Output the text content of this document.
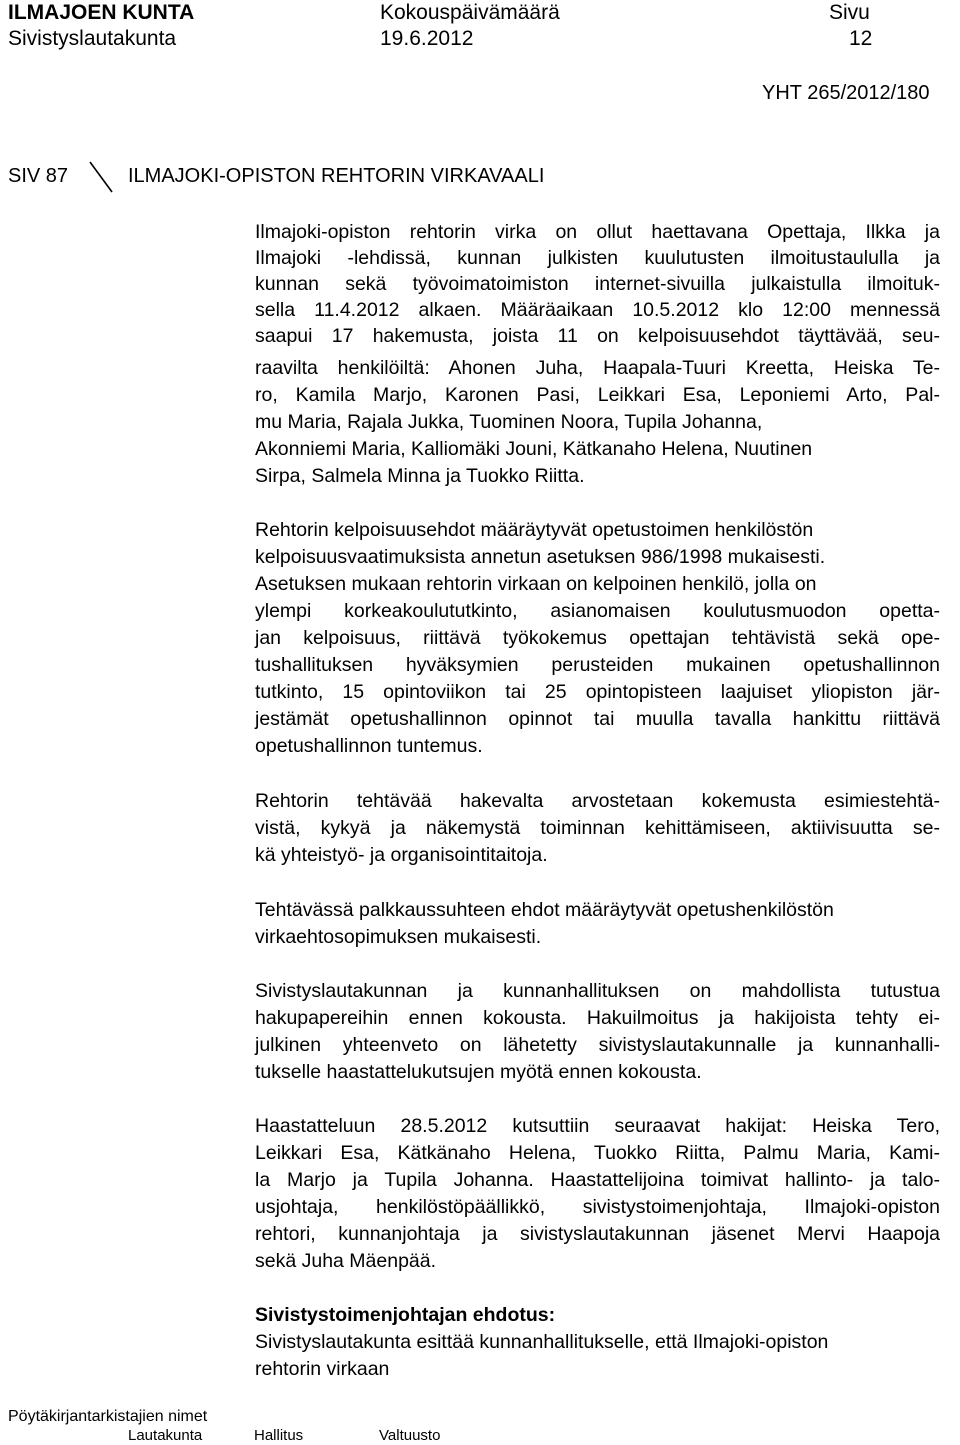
ILMAJOEN KUNTA
Sivistyslautakunta
Kokouspäivämäärä
19.6.2012
Sivu
12
YHT 265/2012/180
SIV 87	ILMAJOKI-OPISTON REHTORIN VIRKAVAALI
Ilmajoki-opiston rehtorin virka on ollut haettavana Opettaja, Ilkka ja
Ilmajoki -lehdissä, kunnan julkisten kuulutusten ilmoitustaululla ja
kunnan sekä työvoimatoimiston internet-sivuilla julkaistulla ilmoituk-
sella 11.4.2012 alkaen. Määräaikaan 10.5.2012 klo 12:00 mennessä
saapui 17 hakemusta, joista 11 on kelpoisuusehdot täyttävää, seu-
raavilta henkilöiltä: Ahonen Juha, Haapala-Tuuri Kreetta, Heiska Te-
ro, Kamila Marjo, Karonen Pasi, Leikkari Esa, Leponiemi Arto, Pal-
mu Maria, Rajala Jukka, Tuominen Noora, Tupila Johanna,
Akonniemi Maria, Kalliomäki Jouni, Kätkanaho Helena, Nuutinen
Sirpa, Salmela Minna ja Tuokko Riitta.
Rehtorin kelpoisuusehdot määräytyvät opetustoimen henkilöstön
kelpoisuusvaatimuksista annetun asetuksen 986/1998 mukaisesti.
Asetuksen mukaan rehtorin virkaan on kelpoinen henkilö, jolla on
ylempi korkeakoulututkinto, asianomaisen koulutusmuodon opetta-
jan kelpoisuus, riittävä työkokemus opettajan tehtävistä sekä ope-
tushallituksen hyväksymien perusteiden mukainen opetushallinnon
tutkinto, 15 opintoviikon tai 25 opintopisteen laajuiset yliopiston jär-
jestämät opetushallinnon opinnot tai muulla tavalla hankittu riittävä
opetushallinnon tuntemus.
Rehtorin tehtävää hakevalta arvostetaan kokemusta esimiestehtä-
vistä, kykyä ja näkemystä toiminnan kehittämiseen, aktiivisuutta se-
kä yhteistyö- ja organisointitaitoja.
Tehtävässä palkkaussuhteen ehdot määräytyvät opetushenkilöstön
virkaehtosopimuksen mukaisesti.
Sivistyslautakunnan ja kunnanhallituksen on mahdollista tutustua
hakupapereihin ennen kokousta. Hakuilmoitus ja hakijoista tehty ei-
julkinen yhteenveto on lähetetty sivistyslautakunnalle ja kunnanhalli-
tukselle haastattelukutsujen myötä ennen kokousta.
Haastatteluun 28.5.2012 kutsuttiin seuraavat hakijat: Heiska Tero,
Leikkari Esa, Kätkänaho Helena, Tuokko Riitta, Palmu Maria, Kami-
la Marjo ja Tupila Johanna. Haastattelijoina toimivat hallinto- ja talo-
usjohtaja, henkilöstöpäällikkö, sivistystoimenjohtaja, Ilmajoki-opiston
rehtori, kunnanjohtaja ja sivistyslautakunnan jäsenet Mervi Haapoja
sekä Juha Mäenpää.
Sivistystoimenjohtajan ehdotus:
Sivistyslautakunta esittää kunnanhallitukselle, että Ilmajoki-opiston
rehtorin virkaan
Pöytäkirjantarkistajien nimet
Lautakunta	Hallitus	Valtuusto
